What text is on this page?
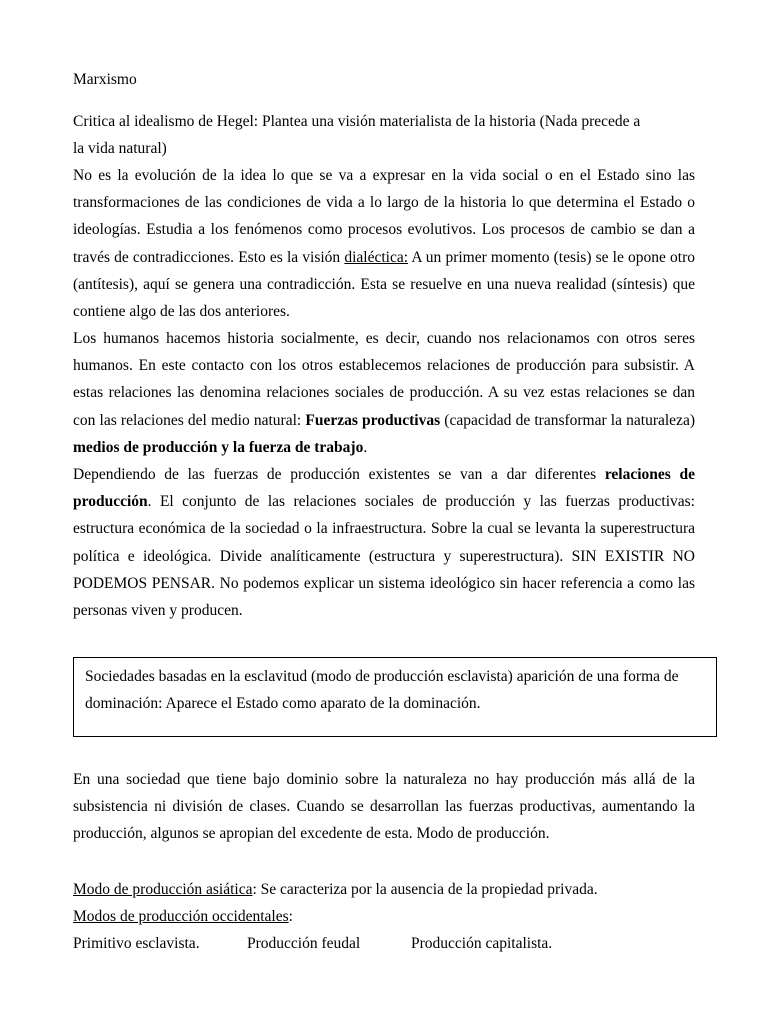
Marxismo
Critica al idealismo de Hegel: Plantea una visión materialista de la historia (Nada precede a
la vida natural)
No es la evolución de la idea lo que se va a expresar en la vida social o en el Estado sino las transformaciones de las condiciones de vida a lo largo de la historia lo que determina el Estado o ideologías. Estudia a los fenómenos como procesos evolutivos. Los procesos de cambio se dan a través de contradicciones. Esto es la visión dialéctica: A un primer momento (tesis) se le opone otro (antítesis), aquí se genera una contradicción. Esta se resuelve en una nueva realidad (síntesis) que contiene algo de las dos anteriores.
Los humanos hacemos historia socialmente, es decir, cuando nos relacionamos con otros seres humanos. En este contacto con los otros establecemos relaciones de producción para subsistir. A estas relaciones las denomina relaciones sociales de producción. A su vez estas relaciones se dan con las relaciones del medio natural: Fuerzas productivas (capacidad de transformar la naturaleza) medios de producción y la fuerza de trabajo.
Dependiendo de las fuerzas de producción existentes se van a dar diferentes relaciones de producción. El conjunto de las relaciones sociales de producción y las fuerzas productivas: estructura económica de la sociedad o la infraestructura. Sobre la cual se levanta la superestructura política e ideológica. Divide analíticamente (estructura y superestructura). SIN EXISTIR NO PODEMOS PENSAR. No podemos explicar un sistema ideológico sin hacer referencia a como las personas viven y producen.
Sociedades basadas en la esclavitud (modo de producción esclavista) aparición de una forma de dominación: Aparece el Estado como aparato de la dominación.
En una sociedad que tiene bajo dominio sobre la naturaleza no hay producción más allá de la subsistencia ni división de clases. Cuando se desarrollan las fuerzas productivas, aumentando la producción, algunos se apropian del excedente de esta. Modo de producción.
Modo de producción asiática: Se caracteriza por la ausencia de la propiedad privada.
Modos de producción occidentales:
Primitivo esclavista.	Producción feudal	Producción capitalista.
